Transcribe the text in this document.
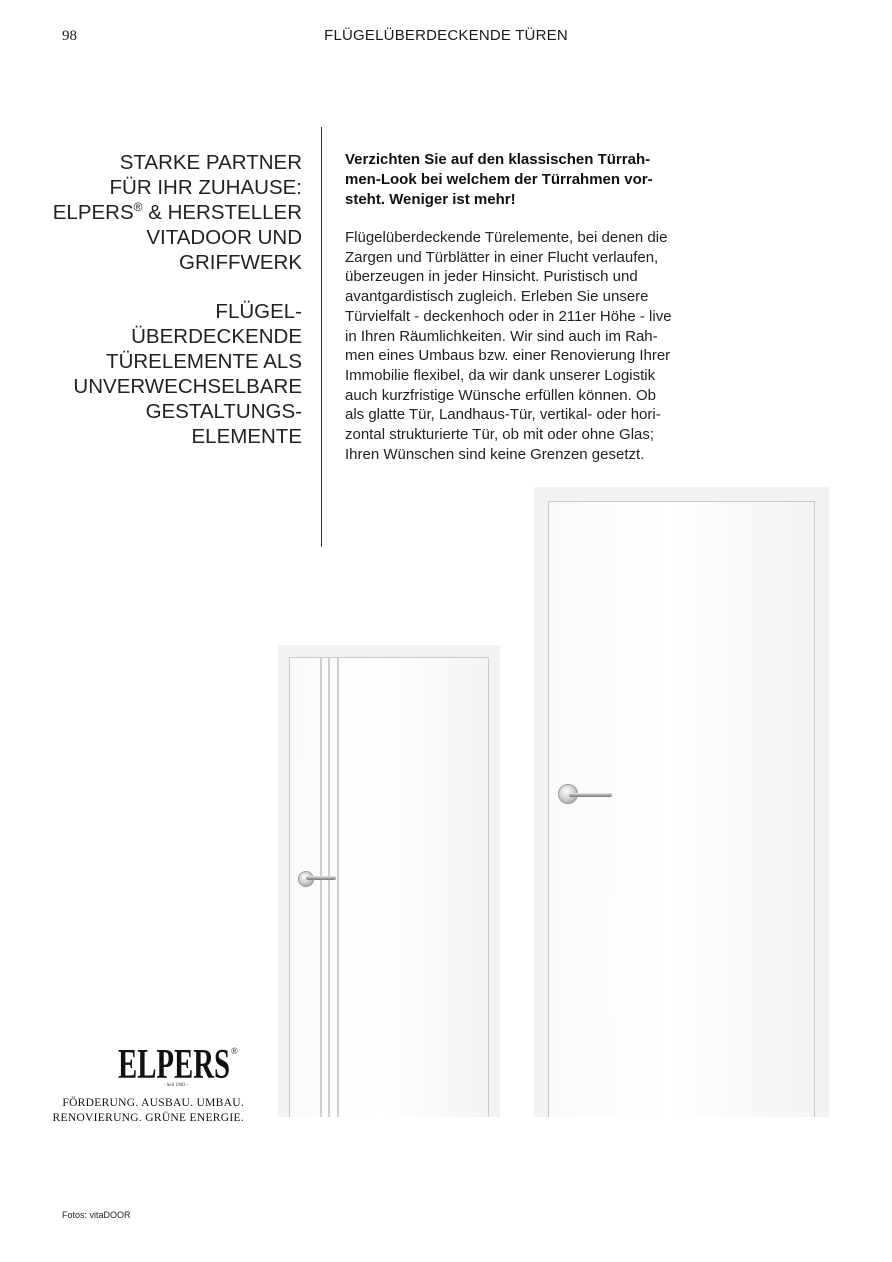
98	FLÜGELÜBERDECKENDE TÜREN
STARKE PARTNER
FÜR IHR ZUHAUSE:
ELPERS® & HERSTELLER
VITADOOR UND
GRIFFWERK
FLÜGEL-
ÜBERDECKENDE
TÜRELEMENTE ALS
UNVERWECHSELBARE
GESTALTUNGS-
ELEMENTE
Verzichten Sie auf den klassischen Türrah-
men-Look bei welchem der Türrahmen vor-
steht. Weniger ist mehr!
Flügelüberdeckende Türelemente, bei denen die
Zargen und Türblätter in einer Flucht verlaufen,
überzeugen in jeder Hinsicht. Puristisch und
avantgardistisch zugleich. Erleben Sie unsere
Türvielfalt - deckenhoch oder in 211er Höhe - live
in Ihren Räumlichkeiten. Wir sind auch im Rah-
men eines Umbaus bzw. einer Renovierung Ihrer
Immobilie flexibel, da wir dank unserer Logistik
auch kurzfristige Wünsche erfüllen können. Ob
als glatte Tür, Landhaus-Tür, vertikal- oder hori-
zontal strukturierte Tür, ob mit oder ohne Glas;
Ihren Wünschen sind keine Grenzen gesetzt.
ELPERS ®
- Seit 1983 -
FÖRDERUNG. AUSBAU. UMBAU.
RENOVIERUNG. GRÜNE ENERGIE.
Fotos: vitaDOOR
